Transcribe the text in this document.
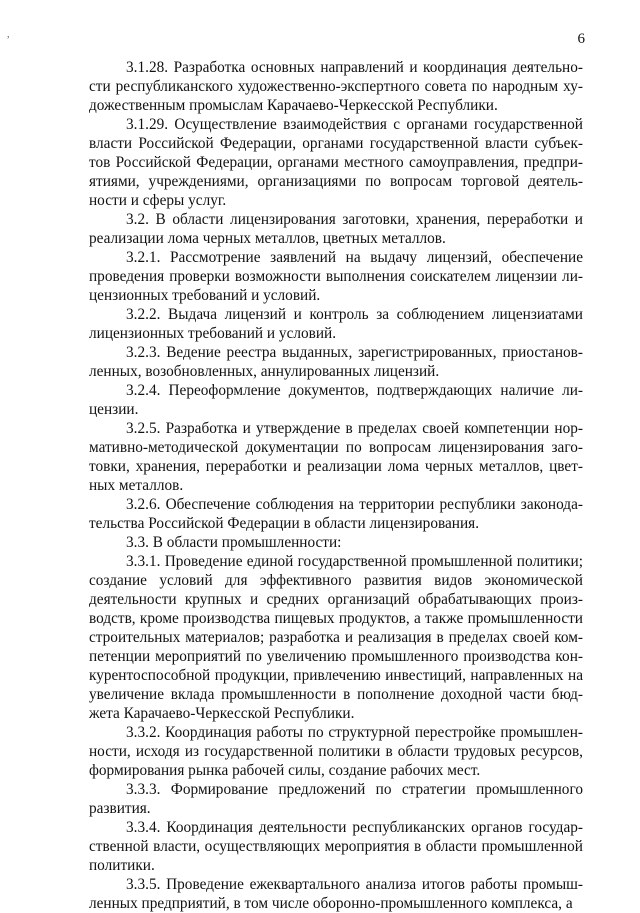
,	6

3.1.28. Разработка основных направлений и координация деятельности республиканского художественно-экспертного совета по народным художественным промыслам Карачаево-Черкесской Республики.

3.1.29. Осуществление взаимодействия с органами государственной власти Российской Федерации, органами государственной власти субъектов Российской Федерации, органами местного самоуправления, предприятиями, учреждениями, организациями по вопросам торговой деятельности и сферы услуг.

3.2. В области лицензирования заготовки, хранения, переработки и реализации лома черных металлов, цветных металлов.

3.2.1. Рассмотрение заявлений на выдачу лицензий, обеспечение проведения проверки возможности выполнения соискателем лицензии лицензионных требований и условий.

3.2.2. Выдача лицензий и контроль за соблюдением лицензиатами лицензионных требований и условий.

3.2.3. Ведение реестра выданных, зарегистрированных, приостановленных, возобновленных, аннулированных лицензий.

3.2.4. Переоформление документов, подтверждающих наличие лицензии.

3.2.5. Разработка и утверждение в пределах своей компетенции нормативно-методической документации по вопросам лицензирования заготовки, хранения, переработки и реализации лома черных металлов, цветных металлов.

3.2.6. Обеспечение соблюдения на территории республики законодательства Российской Федерации в области лицензирования.

3.3. В области промышленности:

3.3.1. Проведение единой государственной промышленной политики; создание условий для эффективного развития видов экономической деятельности крупных и средних организаций обрабатывающих производств, кроме производства пищевых продуктов, а также промышленности строительных материалов; разработка и реализация в пределах своей компетенции мероприятий по увеличению промышленного производства конкурентоспособной продукции, привлечению инвестиций, направленных на увеличение вклада промышленности в пополнение доходной части бюджета Карачаево-Черкесской Республики.

3.3.2. Координация работы по структурной перестройке промышленности, исходя из государственной политики в области трудовых ресурсов, формирования рынка рабочей силы, создание рабочих мест.

3.3.3. Формирование предложений по стратегии промышленного развития.

3.3.4. Координация деятельности республиканских органов государственной власти, осуществляющих мероприятия в области промышленной политики.

3.3.5. Проведение ежеквартального анализа итогов работы промышленных предприятий, в том числе оборонно-промышленного комплекса, а
